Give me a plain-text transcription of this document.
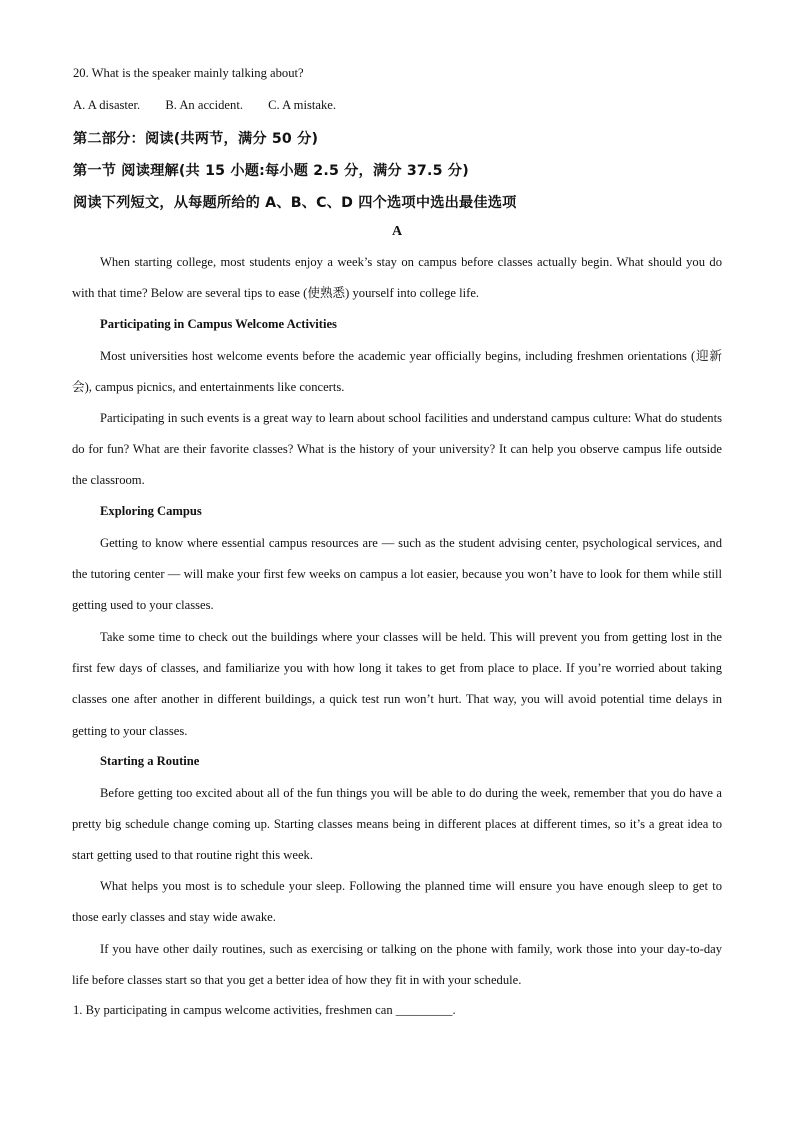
20. What is the speaker mainly talking about?
A. A disaster. B. An accident. C. A mistake.
第二部分：阅读(共两节，满分 50 分)
第一节 阅读理解(共 15 小题:每小题 2.5 分，满分 37.5 分)
阅读下列短文，从每题所给的 A、B、C、D 四个选项中选出最佳选项
A

When starting college, most students enjoy a week’s stay on campus before classes actually begin. What should you do with that time? Below are several tips to ease (使熟悉) yourself into college life.

Participating in Campus Welcome Activities

Most universities host welcome events before the academic year officially begins, including freshmen orientations (迎新会), campus picnics, and entertainments like concerts.

Participating in such events is a great way to learn about school facilities and understand campus culture: What do students do for fun? What are their favorite classes? What is the history of your university? It can help you observe campus life outside the classroom.

Exploring Campus

Getting to know where essential campus resources are — such as the student advising center, psychological services, and the tutoring center — will make your first few weeks on campus a lot easier, because you won’t have to look for them while still getting used to your classes.

Take some time to check out the buildings where your classes will be held. This will prevent you from getting lost in the first few days of classes, and familiarize you with how long it takes to get from place to place. If you’re worried about taking classes one after another in different buildings, a quick test run won’t hurt. That way, you will avoid potential time delays in getting to your classes.

Starting a Routine

Before getting too excited about all of the fun things you will be able to do during the week, remember that you do have a pretty big schedule change coming up. Starting classes means being in different places at different times, so it’s a great idea to start getting used to that routine right this week.

What helps you most is to schedule your sleep. Following the planned time will ensure you have enough sleep to get to those early classes and stay wide awake.

If you have other daily routines, such as exercising or talking on the phone with family, work those into your day-to-day life before classes start so that you get a better idea of how they fit in with your schedule.

1. By participating in campus welcome activities, freshmen can _________.
